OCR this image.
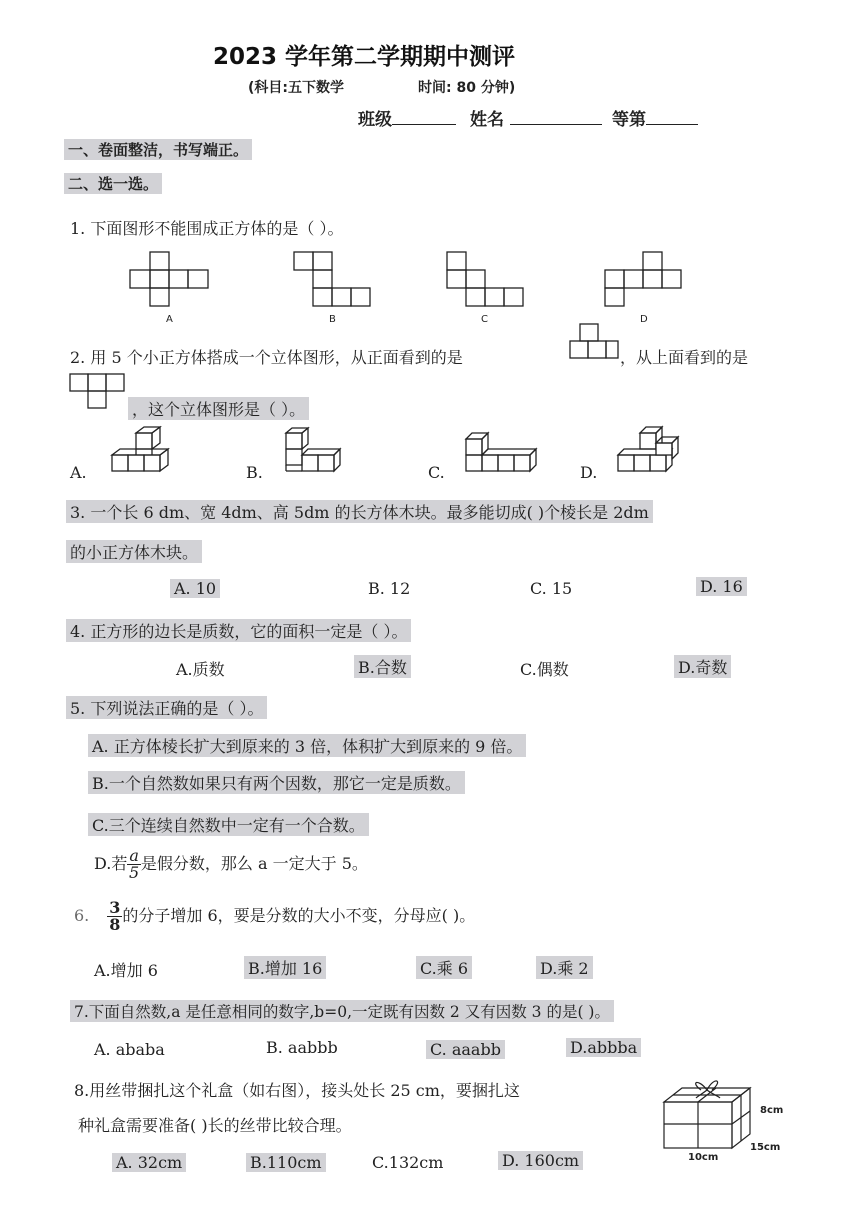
2023 学年第二学期期中测评
(科目:五下数学	时间: 80 分钟)
班级	姓名	等第
一、卷面整洁，书写端正。
二、选一选。
1. 下面图形不能围成正方体的是（ ）。
A	B	C	D
2. 用 5 个小正方体搭成一个立体图形，从正面看到的是	，从上面看到的是
，这个立体图形是（ ）。
A.	B.	C.	D.
3. 一个长 6 dm、宽 4dm、高 5dm 的长方体木块。最多能切成( )个棱长是 2dm
的小正方体木块。
A. 10	B. 12	C. 15	D. 16
4. 正方形的边长是质数，它的面积一定是（ ）。
A.质数	B.合数	C.偶数	D.奇数
5. 下列说法正确的是（ ）。
A. 正方体棱长扩大到原来的 3 倍，体积扩大到原来的 9 倍。
B.一个自然数如果只有两个因数，那它一定是质数。
C.三个连续自然数中一定有一个合数。
D.若 $\frac{a}{5}$ 是假分数，那么 a 一定大于 5。
6. $\frac{3}{8}$ 的分子增加 6，要是分数的大小不变，分母应( )。
A.增加 6	B.增加 16	C.乘 6	D.乘 2
7.下面自然数,a 是任意相同的数字,b=0,一定既有因数 2 又有因数 3 的是( )。
A. ababa	B. aabbb	C. aaabb	D.abbba
8.用丝带捆扎这个礼盒（如右图），接头处长 25 cm，要捆扎这
种礼盒需要准备( )长的丝带比较合理。
A. 32cm	B.110cm	C.132cm	D. 160cm
8cm
15cm
10cm
